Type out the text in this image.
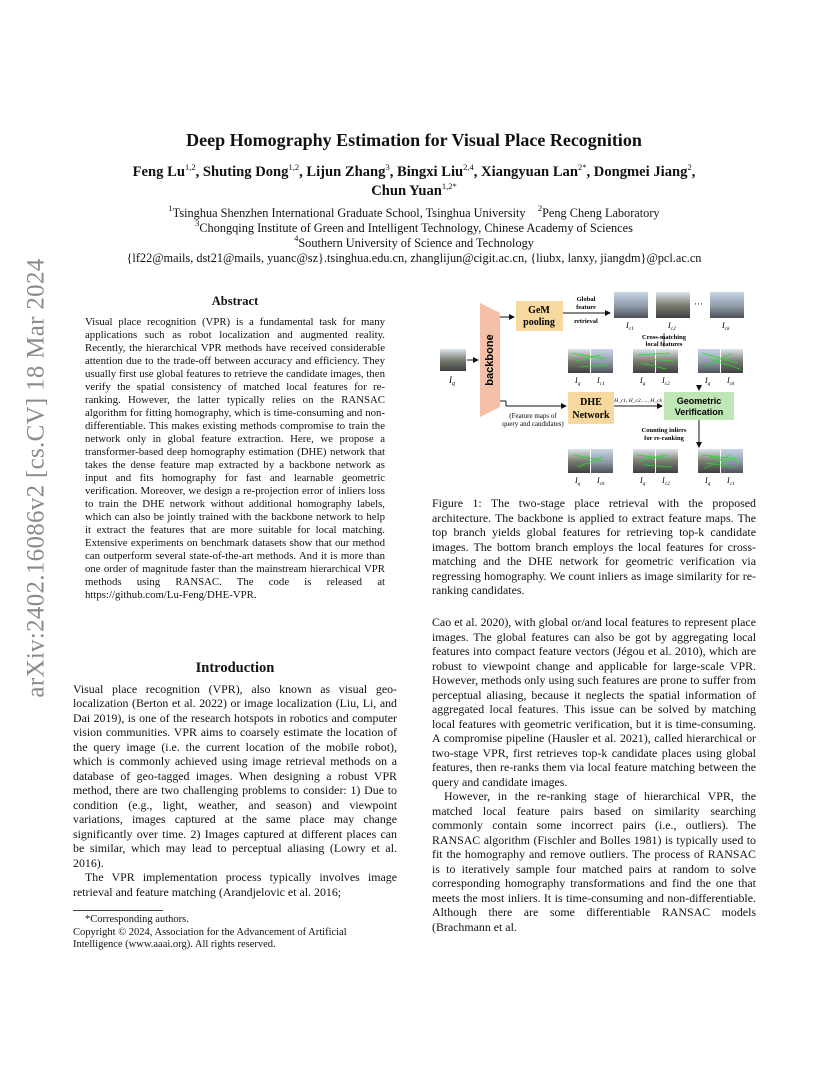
arXiv:2402.16086v2 [cs.CV] 18 Mar 2024
Deep Homography Estimation for Visual Place Recognition
Feng Lu$^{1,2}$, Shuting Dong$^{1,2}$, Lijun Zhang$^3$, Bingxi Liu$^{2,4}$, Xiangyuan Lan$^{2*}$, Dongmei Jiang$^2$,
Chun Yuan$^{1,2*}$
$^1$Tsinghua Shenzhen International Graduate School, Tsinghua University $^2$Peng Cheng Laboratory
$^3$Chongqing Institute of Green and Intelligent Technology, Chinese Academy of Sciences
$^4$Southern University of Science and Technology
{lf22@mails, dst21@mails, yuanc@sz}.tsinghua.edu.cn, zhanglijun@cigit.ac.cn, {liubx, lanxy, jiangdm}@pcl.ac.cn
Abstract

Visual place recognition (VPR) is a fundamental task for many applications such as robot localization and augmented reality. Recently, the hierarchical VPR methods have received considerable attention due to the trade-off between accuracy and efficiency. They usually first use global features to retrieve the candidate images, then verify the spatial consistency of matched local features for re-ranking. However, the latter typically relies on the RANSAC algorithm for fitting homography, which is time-consuming and non-differentiable. This makes existing methods compromise to train the network only in global feature extraction. Here, we propose a transformer-based deep homography estimation (DHE) network that takes the dense feature map extracted by a backbone network as input and fits homography for fast and learnable geometric verification. Moreover, we design a re-projection error of inliers loss to train the DHE network without additional homography labels, which can also be jointly trained with the backbone network to help it extract the features that are more suitable for local matching. Extensive experiments on benchmark datasets show that our method can outperform several state-of-the-art methods. And it is more than one order of magnitude faster than the mainstream hierarchical VPR methods using RANSAC. The code is released at https://github.com/Lu-Feng/DHE-VPR.

Introduction

Visual place recognition (VPR), also known as visual geo-localization (Berton et al. 2022) or image localization (Liu, Li, and Dai 2019), is one of the research hotspots in robotics and computer vision communities. VPR aims to coarsely estimate the location of the query image (i.e. the current location of the mobile robot), which is commonly achieved using image retrieval methods on a database of geo-tagged images. When designing a robust VPR method, there are two challenging problems to consider: 1) Due to condition (e.g., light, weather, and season) and viewpoint variations, images captured at the same place may change significantly over time. 2) Images captured at different places can be similar, which may lead to perceptual aliasing (Lowry et al. 2016).

The VPR implementation process typically involves image retrieval and feature matching (Arandjelovic et al. 2016;

*Corresponding authors.

Copyright © 2024, Association for the Advancement of Artificial Intelligence (www.aaai.org). All rights reserved.

$I_q$	backbone
GeM
pooling
Global
feature
retrieval
···
$I_{c1}$	$I_{c2}$	$I_{ck}$
Cross-matching
local features
$I_q$ $I_{c1}$	$I_q$ $I_{c2}$	$I_q$ $I_{ck}$
(Feature maps of
query and candidates)
DHE
Network
H_c1, H_c2, ..., H_ck Geometric
Verification
Counting inliers
for re-ranking
$I_q$ $I_{ck}$	$I_q$ $I_{c2}$	$I_q$ $I_{c1}$

Figure 1: The two-stage place retrieval with the proposed architecture. The backbone is applied to extract feature maps. The top branch yields global features for retrieving top-k candidate images. The bottom branch employs the local features for cross-matching and the DHE network for geometric verification via regressing homography. We count inliers as image similarity for re-ranking candidates.

Cao et al. 2020), with global or/and local features to represent place images. The global features can also be got by aggregating local features into compact feature vectors (Jégou et al. 2010), which are robust to viewpoint change and applicable for large-scale VPR. However, methods only using such features are prone to suffer from perceptual aliasing, because it neglects the spatial information of aggregated local features. This issue can be solved by matching local features with geometric verification, but it is time-consuming. A compromise pipeline (Hausler et al. 2021), called hierarchical or two-stage VPR, first retrieves top-k candidate places using global features, then re-ranks them via local feature matching between the query and candidate images.

However, in the re-ranking stage of hierarchical VPR, the matched local feature pairs based on similarity searching commonly contain some incorrect pairs (i.e., outliers). The RANSAC algorithm (Fischler and Bolles 1981) is typically used to fit the homography and remove outliers. The process of RANSAC is to iteratively sample four matched pairs at random to solve corresponding homography transformations and find the one that meets the most inliers. It is time-consuming and non-differentiable. Although there are some differentiable RANSAC models (Brachmann et al.
